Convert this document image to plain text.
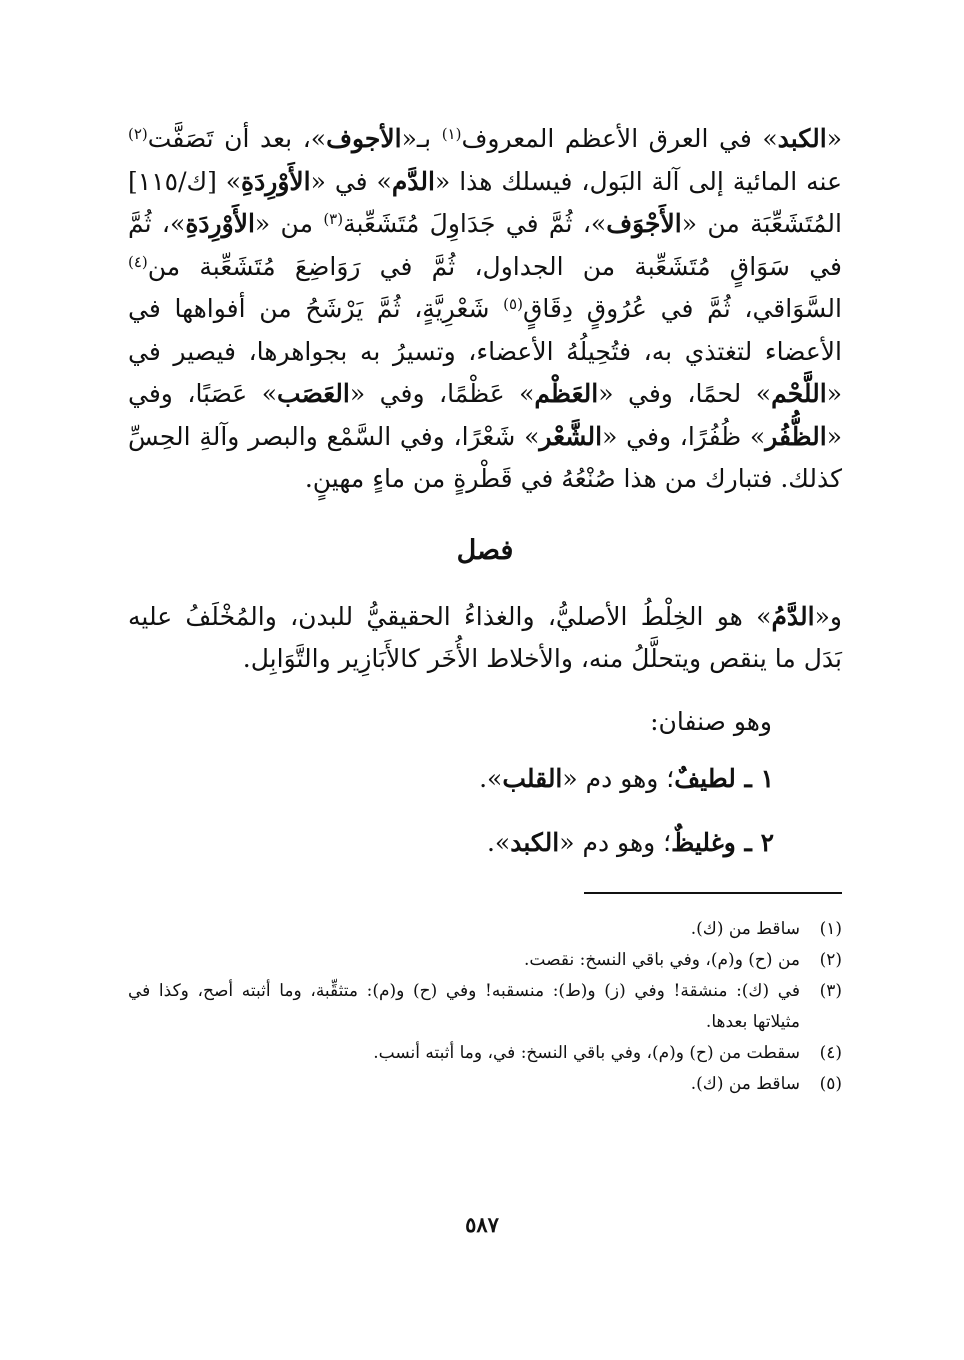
«الكبد» في العرق الأعظم المعروف$^{(١)}$ بـ«الأجوف»، بعد أن تَصَفَّت$^{(٢)}$ عنه المائية إلى آلة البَول، فيسلك هذا «الدَّم» في «الأَوْرِدَةِ» [ك/١١٥] المُتَشَعِّبَة من «الأَجْوَف»، ثُمَّ في جَدَاوِلَ مُتَشَعِّبة$^{(٣)}$ من «الأَوْرِدَةِ»، ثُمَّ في سَوَاقٍ مُتَشَعِّبة من الجداول، ثُمَّ في رَوَاضِعَ مُتَشَعِّبة من$^{(٤)}$ السَّوَاقي، ثُمَّ في عُرُوقٍ دِقَاقٍ$^{(٥)}$ شَعْرِيَّةٍ، ثُمَّ يَرْشَحُ من أفواهها في الأعضاء لتغتذي به، فتُحِيلُهُ الأعضاء، وتسيرُ به بجواهرها، فيصير في «اللَّحْم» لحمًا، وفي «العَظْم» عَظْمًا، وفي «العَصَب» عَصَبًا، وفي «الظُّفُر» ظُفُرًا، وفي «الشَّعْر» شَعْرًا، وفي السَّمْع والبصر وآلةِ الحِسِّ كذلك. فتبارك من هذا صُنْعُهُ في قَطْرةٍ من ماءٍ مهينٍ.

فصل

و«الدَّمُ» هو الخِلْطُ الأصليُّ، والغذاءُ الحقيقيُّ للبدن، والمُخْلَفُ عليه بَدَل ما ينقص ويتحلَّلُ منه، والأخلاط الأُخَر كالأَبَازِير والتَّوَابِل.

وهو صنفان:
١ ـ لطيفٌ؛ وهو دم «القلب».
٢ ـ وغليظٌ؛ وهو دم «الكبد».
(١)
ساقط من (ك).
(٢)
من (ح) و(م)، وفي باقي النسخ: نقصت.
(٣)
في (ك): منشقة! وفي (ز) و(ط): منسقبه! وفي (ح) و(م): متثقِّبة، وما أثبته أصح، وكذا في مثيلاتها بعدها.
(٤)
سقطت من (ح) و(م)، وفي باقي النسخ: في، وما أثبته أنسب.
(٥)
ساقط من (ك).
٥٨٧
